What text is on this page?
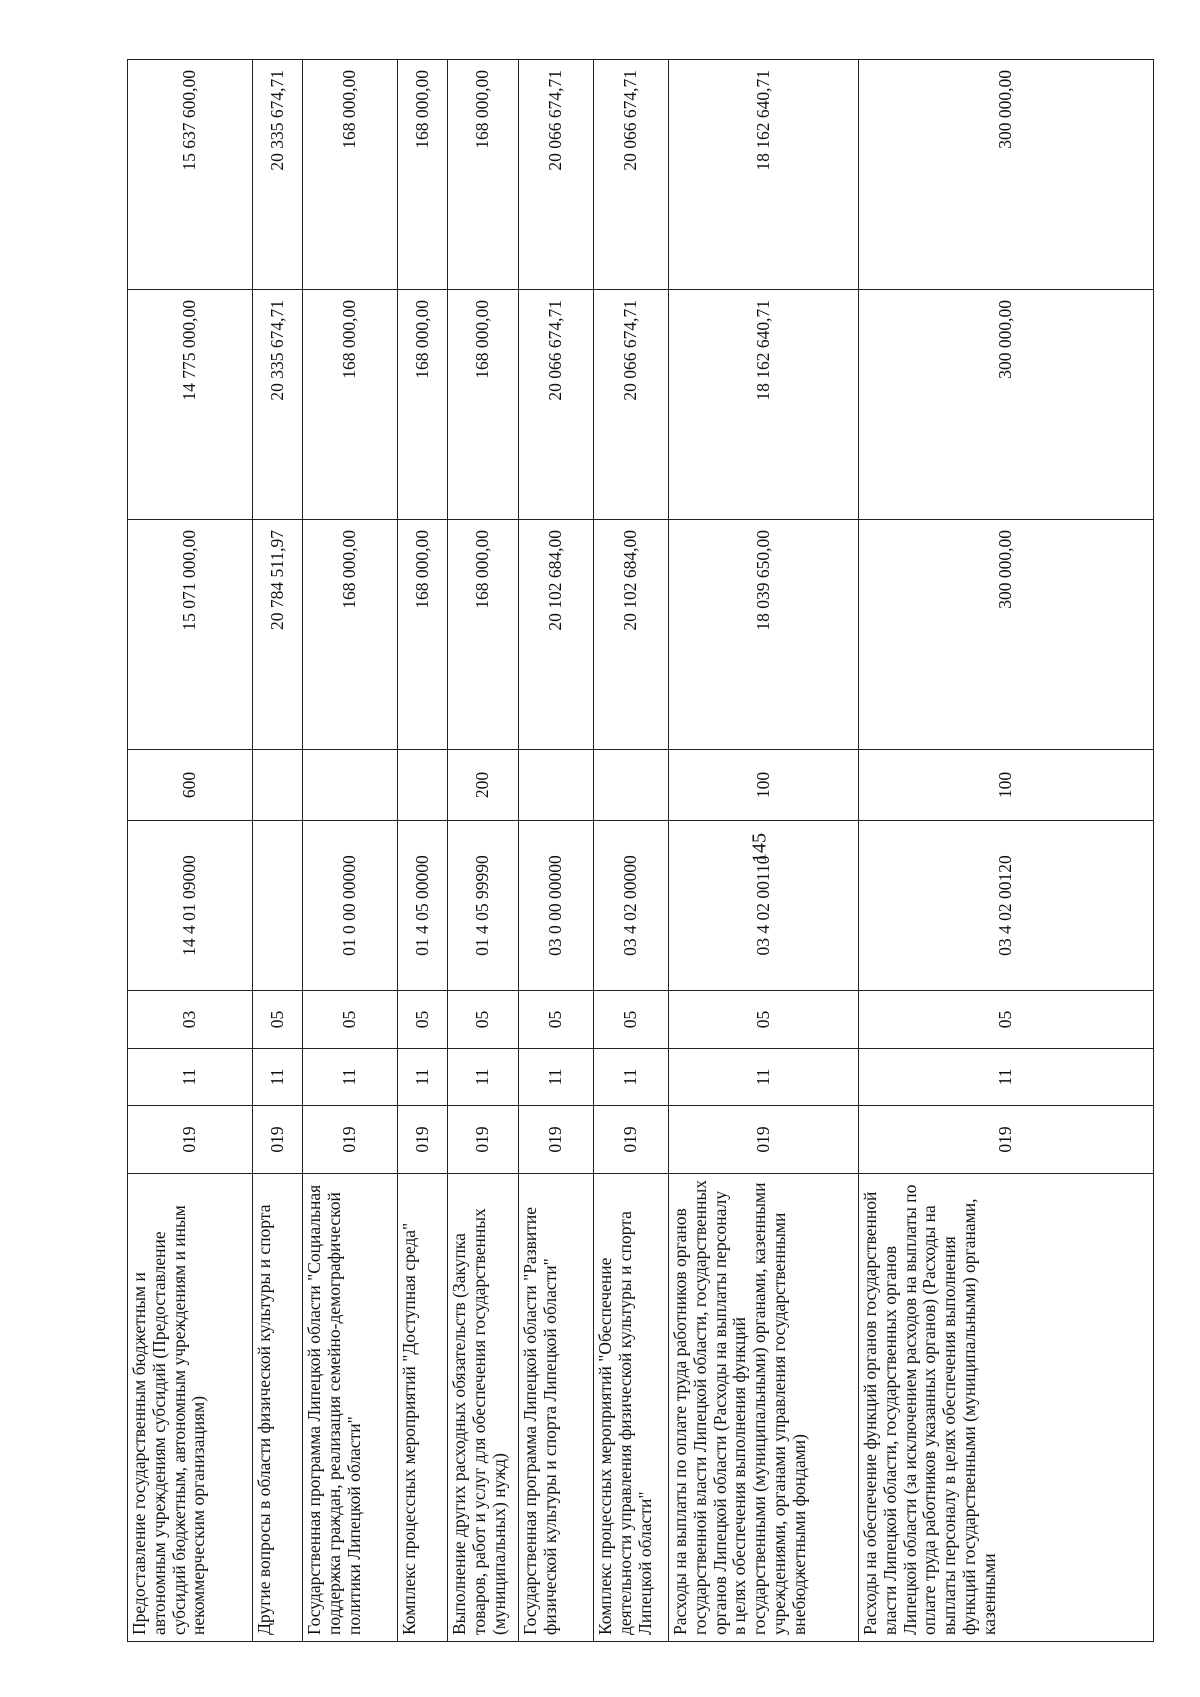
145
Предоставление государственным бюджетным и автономным учреждениям субсидий (Предоставление субсидий бюджетным, автономным учреждениям и иным некоммерческим организациям)	019	11	03	14 4 01 09000	600	15 071 000,00	14 775 000,00	15 637 600,00
Другие вопросы в области физической культуры и спорта	019	11	05			20 784 511,97	20 335 674,71	20 335 674,71
Государственная программа Липецкой области "Социальная поддержка граждан, реализация семейно-демографической политики Липецкой области"	019	11	05	01 0 00 00000		168 000,00	168 000,00	168 000,00
Комплекс процессных мероприятий "Доступная среда"	019	11	05	01 4 05 00000		168 000,00	168 000,00	168 000,00
Выполнение других расходных обязательств (Закупка товаров, работ и услуг для обеспечения государственных (муниципальных) нужд)	019	11	05	01 4 05 99990	200	168 000,00	168 000,00	168 000,00
Государственная программа Липецкой области "Развитие физической культуры и спорта Липецкой области"	019	11	05	03 0 00 00000		20 102 684,00	20 066 674,71	20 066 674,71
Комплекс процессных мероприятий "Обеспечение деятельности управления физической культуры и спорта Липецкой области"	019	11	05	03 4 02 00000		20 102 684,00	20 066 674,71	20 066 674,71
Расходы на выплаты по оплате труда работников органов государственной власти Липецкой области, государственных органов Липецкой области (Расходы на выплаты персоналу в целях обеспечения выполнения функций государственными (муниципальными) органами, казенными учреждениями, органами управления государственными внебюджетными фондами)	019	11	05	03 4 02 00110	100	18 039 650,00	18 162 640,71	18 162 640,71
Расходы на обеспечение функций органов государственной власти Липецкой области, государственных органов Липецкой области (за исключением расходов на выплаты по оплате труда работников указанных органов) (Расходы на выплаты персоналу в целях обеспечения выполнения функций государственными (муниципальными) органами, казенными	019	11	05	03 4 02 00120	100	300 000,00	300 000,00	300 000,00
